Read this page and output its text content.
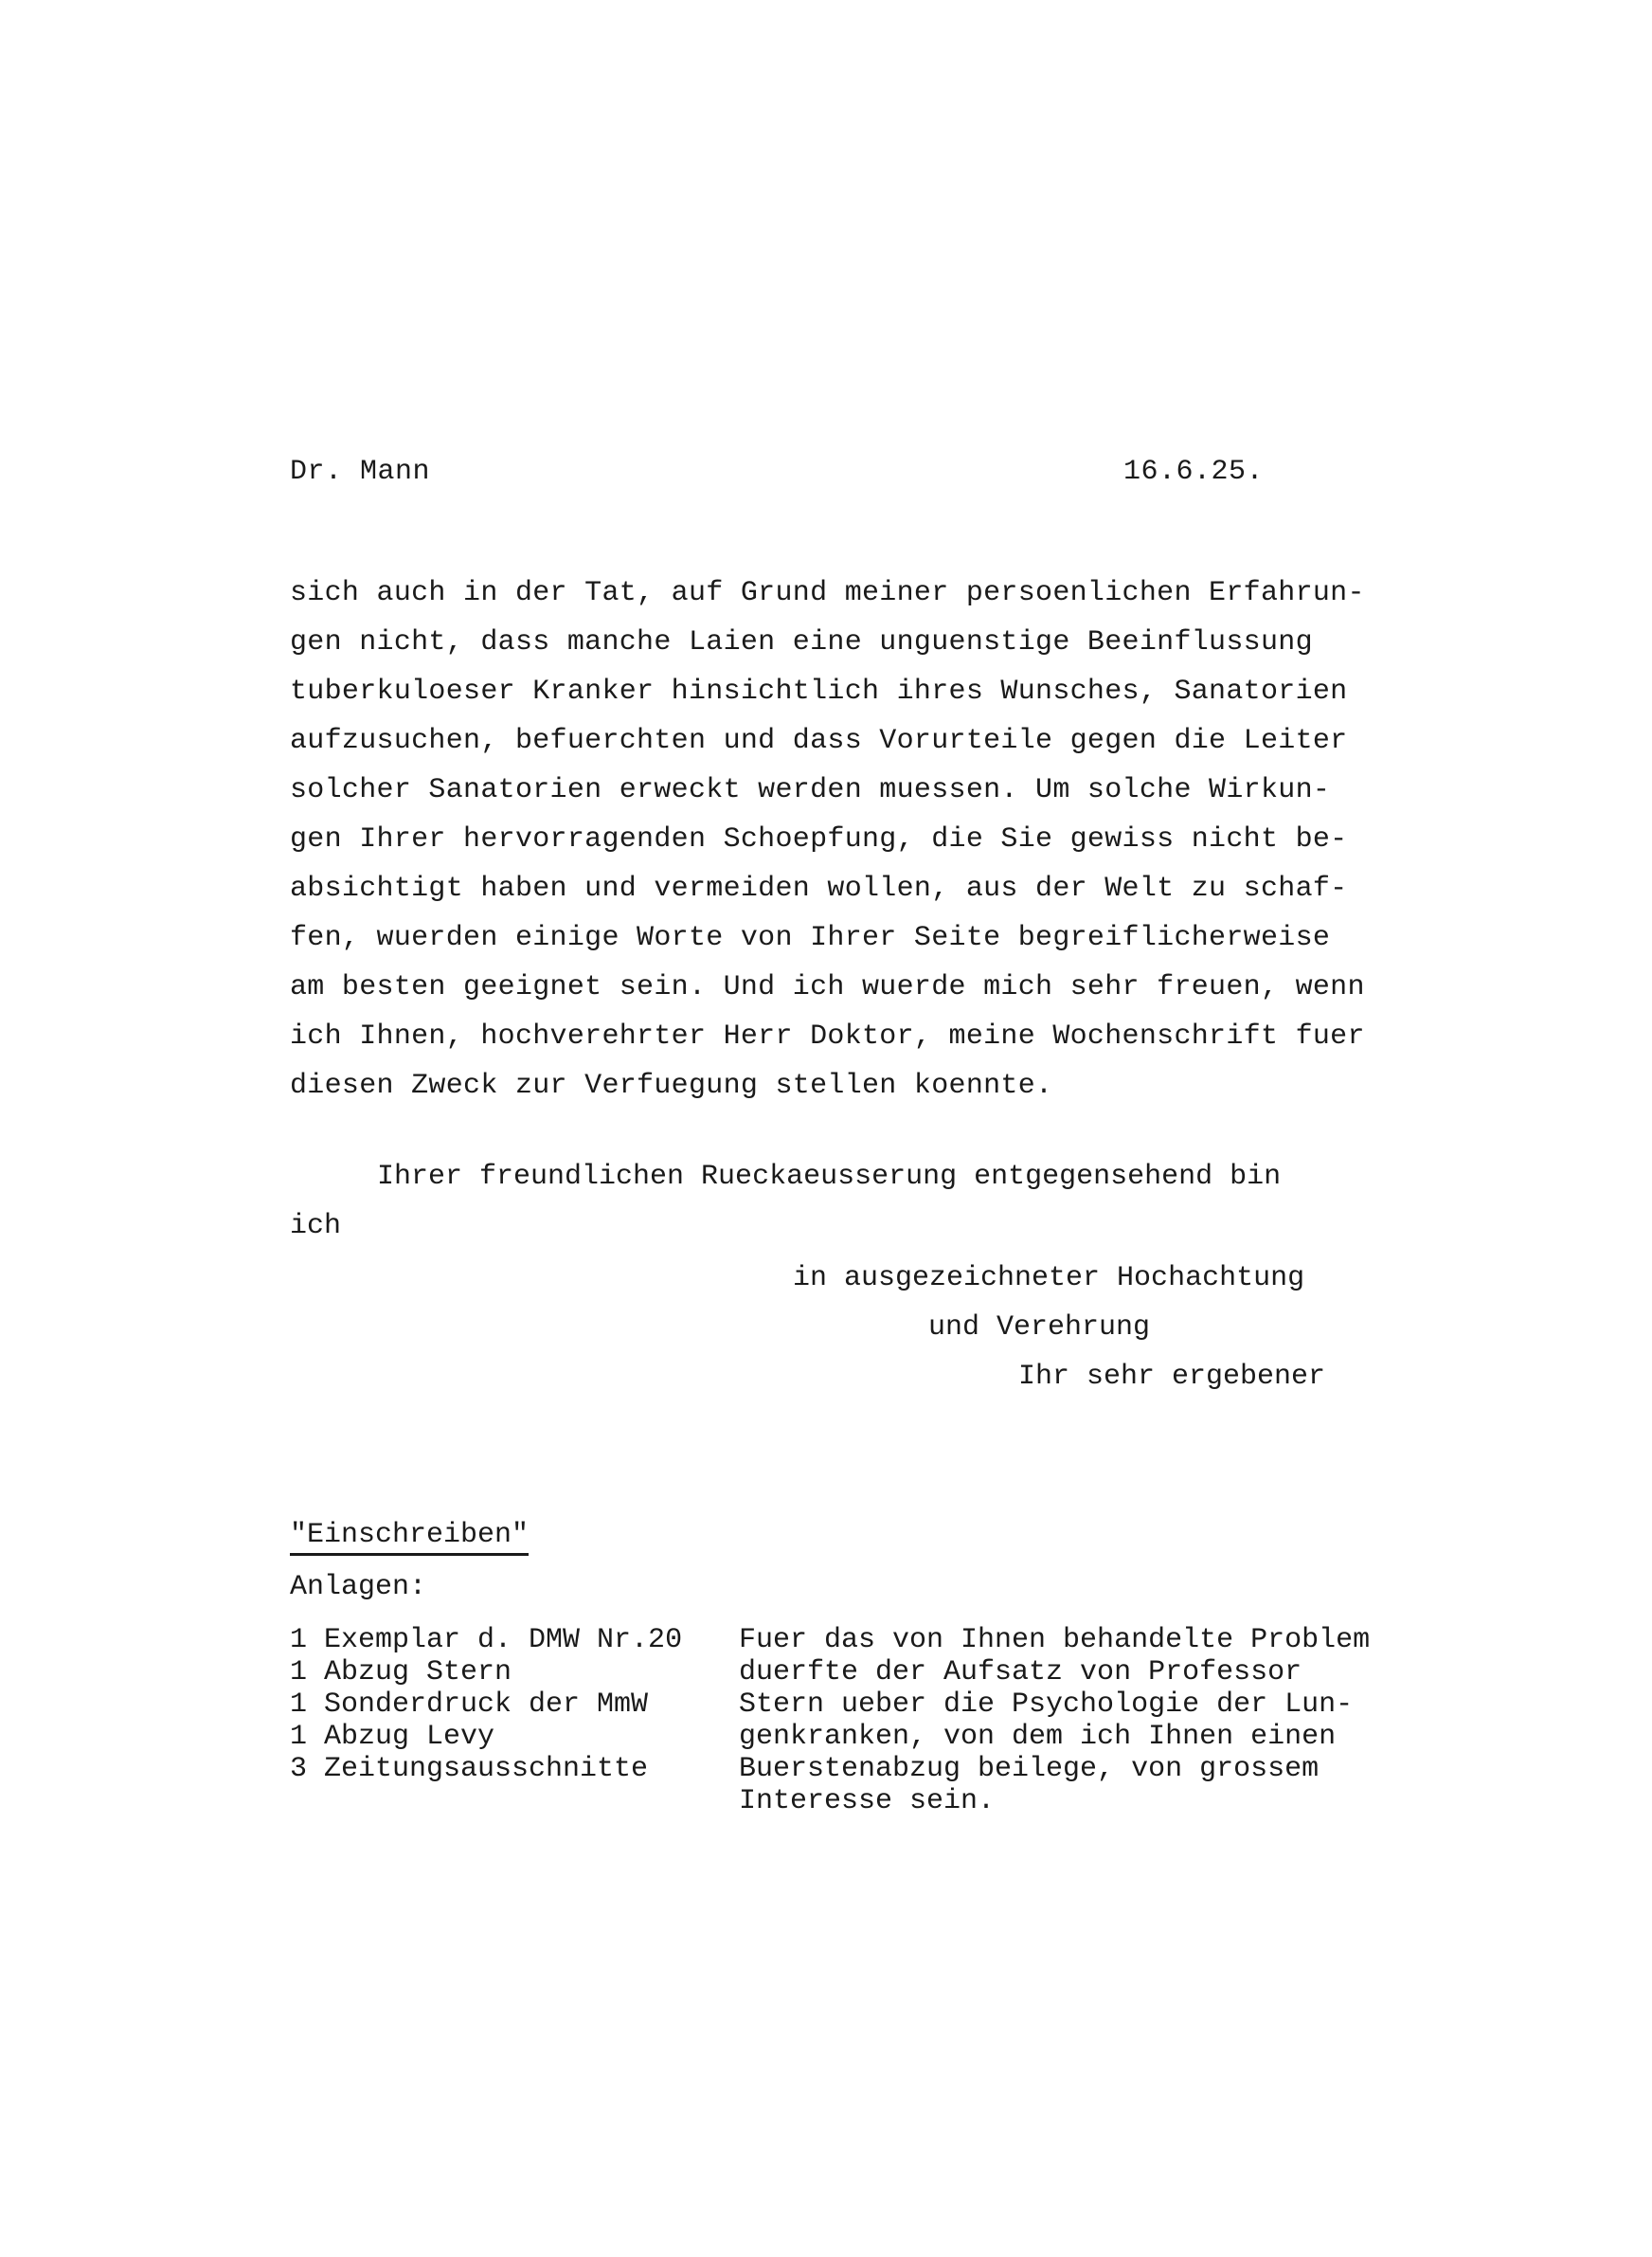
Dr. Mann	16.6.25.
sich auch in der Tat, auf Grund meiner persoenlichen Erfahrun-
gen nicht, dass manche Laien eine unguenstige Beeinflussung
tuberkuloeser Kranker hinsichtlich ihres Wunsches, Sanatorien
aufzusuchen, befuerchten und dass Vorurteile gegen die Leiter
solcher Sanatorien erweckt werden muessen. Um solche Wirkun-
gen Ihrer hervorragenden Schoepfung, die Sie gewiss nicht be-
absichtigt haben und vermeiden wollen, aus der Welt zu schaf-
fen, wuerden einige Worte von Ihrer Seite begreiflicherweise
am besten geeignet sein. Und ich wuerde mich sehr freuen, wenn
ich Ihnen, hochverehrter Herr Doktor, meine Wochenschrift fuer
diesen Zweck zur Verfuegung stellen koennte.
Ihrer freundlichen Rueckaeusserung entgegensehend bin
ich
in ausgezeichneter Hochachtung
und Verehrung
Ihr sehr ergebener
"Einschreiben"
Anlagen:
1 Exemplar d. DMW Nr.20
1 Abzug Stern
1 Sonderdruck der MmW
1 Abzug Levy
3 Zeitungsausschnitte
Fuer das von Ihnen behandelte Problem
duerfte der Aufsatz von Professor
Stern ueber die Psychologie der Lun-
genkranken, von dem ich Ihnen einen
Buerstenabzug beilege, von grossem
Interesse sein.
